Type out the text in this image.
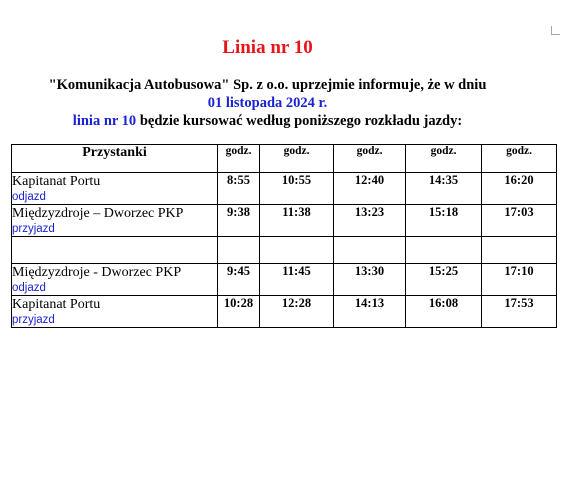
Linia nr 10
"Komunikacja Autobusowa" Sp. z o.o. uprzejmie informuje, że w dniu
01 listopada 2024 r.
linia nr 10 będzie kursować według poniższego rozkładu jazdy:
Przystanki	godz.	godz.	godz.	godz.	godz.

Kapitanat Portu
odjazd	8:55	10:55	12:40	14:35	16:20

Międzyzdroje – Dworzec PKP
przyjazd	9:38	11:38	13:23	15:18	17:03

Międzyzdroje - Dworzec PKP
odjazd	9:45	11:45	13:30	15:25	17:10

Kapitanat Portu
przyjazd	10:28	12:28	14:13	16:08	17:53
